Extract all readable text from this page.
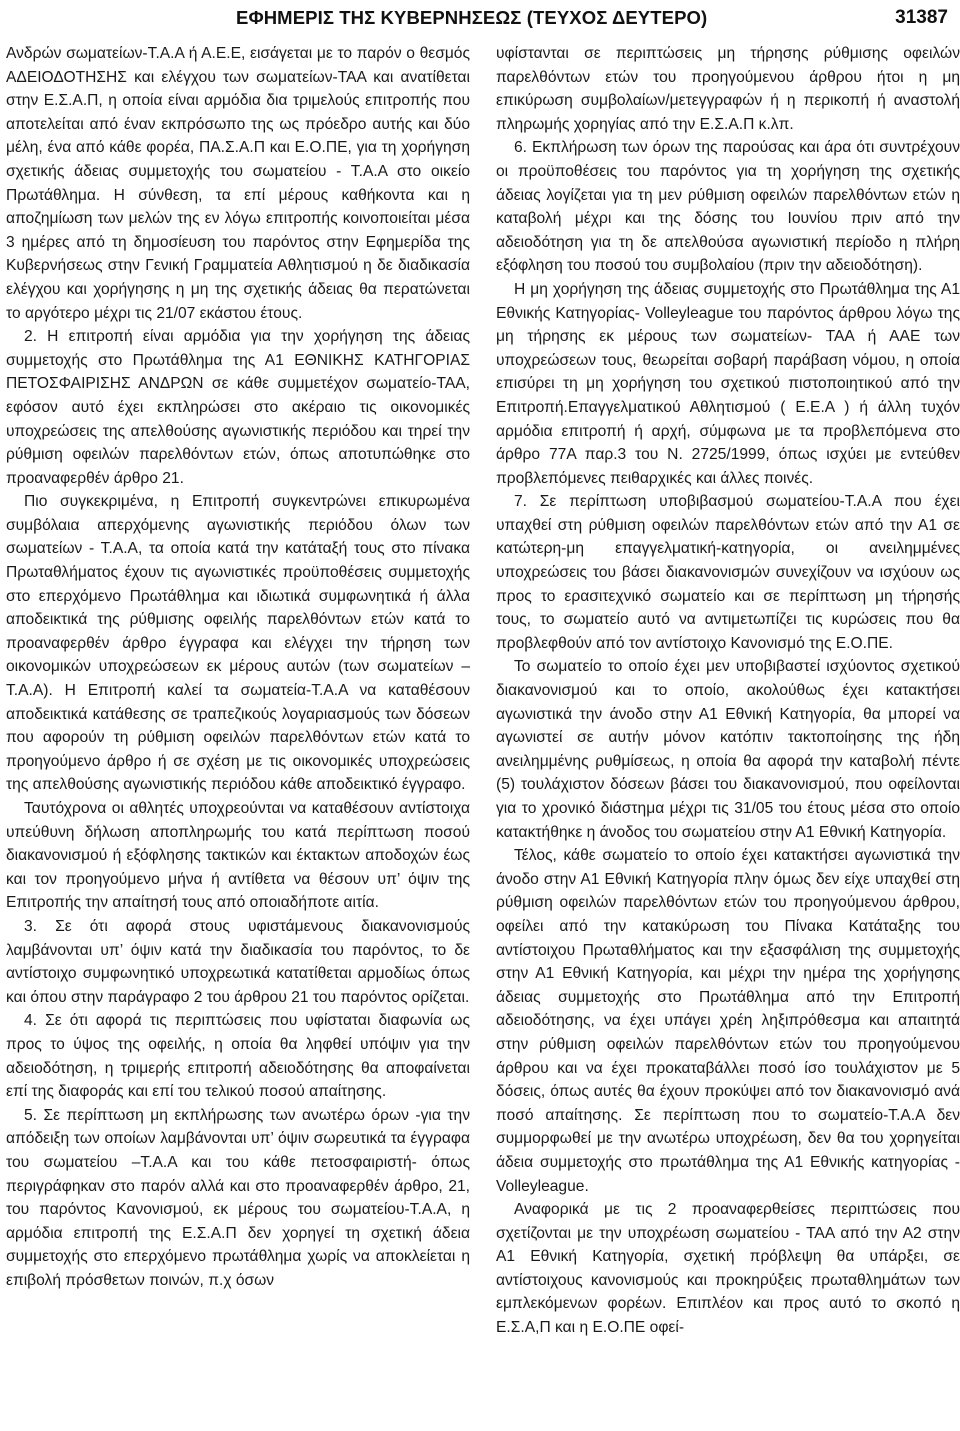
ΕΦΗΜΕΡΙΣ ΤΗΣ ΚΥΒΕΡΝΗΣΕΩΣ (ΤΕΥΧΟΣ ΔΕΥΤΕΡΟ)	31387

Ανδρών σωματείων-Τ.Α.Α ή Α.Ε.Ε, εισάγεται με το παρόν ο θεσμός ΑΔΕΙΟΔΟΤΗΣΗΣ και ελέγχου των σωματείων-ΤΑΑ και ανατίθεται στην Ε.Σ.Α.Π, η οποία είναι αρμόδια δια τριμελούς επιτροπής που αποτελείται από έναν εκπρόσωπο της ως πρόεδρο αυτής και δύο μέλη, ένα από κάθε φορέα, ΠΑ.Σ.Α.Π και Ε.Ο.ΠΕ, για τη χορήγηση σχετικής άδειας συμμετοχής του σωματείου - Τ.Α.Α στο οικείο Πρωτάθλημα. Η σύνθεση, τα επί μέρους καθήκοντα και η αποζημίωση των μελών της εν λόγω επιτροπής κοινοποιείται μέσα 3 ημέρες από τη δημοσίευση του παρόντος στην Εφημερίδα της Κυβερνήσεως στην Γενική Γραμματεία Αθλητισμού η δε διαδικασία ελέγχου και χορήγησης η μη της σχετικής άδειας θα περατώνεται το αργότερο μέχρι τις 21/07 εκάστου έτους.

2. Η επιτροπή είναι αρμόδια για την χορήγηση της άδειας συμμετοχής στο Πρωτάθλημα της Α1 ΕΘΝΙΚΗΣ ΚΑΤΗΓΟΡΙΑΣ ΠΕΤΟΣΦΑΙΡΙΣΗΣ ΑΝΔΡΩΝ σε κάθε συμμετέχον σωματείο-ΤΑΑ, εφόσον αυτό έχει εκπληρώσει στο ακέραιο τις οικονομικές υποχρεώσεις της απελθούσης αγωνιστικής περιόδου και τηρεί την ρύθμιση οφειλών παρελθόντων ετών, όπως αποτυπώθηκε στο προαναφερθέν άρθρο 21.

Πιο συγκεκριμένα, η Επιτροπή συγκεντρώνει επικυρωμένα συμβόλαια απερχόμενης αγωνιστικής περιόδου όλων των σωματείων - Τ.Α.Α, τα οποία κατά την κατάταξή τους στο πίνακα Πρωταθλήματος έχουν τις αγωνιστικές προϋποθέσεις συμμετοχής στο επερχόμενο Πρωτάθλημα και ιδιωτικά συμφωνητικά ή άλλα αποδεικτικά της ρύθμισης οφειλής παρελθόντων ετών κατά το προαναφερθέν άρθρο έγγραφα και ελέγχει την τήρηση των οικονομικών υποχρεώσεων εκ μέρους αυτών (των σωματείων –Τ.Α.Α). Η Επιτροπή καλεί τα σωματεία-Τ.Α.Α να καταθέσουν αποδεικτικά κατάθεσης σε τραπεζικούς λογαριασμούς των δόσεων που αφορούν τη ρύθμιση οφειλών παρελθόντων ετών κατά το προηγούμενο άρθρο ή σε σχέση με τις οικονομικές υποχρεώσεις της απελθούσης αγωνιστικής περιόδου κάθε αποδεικτικό έγγραφο.

Ταυτόχρονα οι αθλητές υποχρεούνται να καταθέσουν αντίστοιχα υπεύθυνη δήλωση αποπληρωμής του κατά περίπτωση ποσού διακανονισμού ή εξόφλησης τακτικών και έκτακτων αποδοχών έως και τον προηγούμενο μήνα ή αντίθετα να θέσουν υπ’ όψιν της Επιτροπής την απαίτησή τους από οποιαδήποτε αιτία.

3. Σε ότι αφορά στους υφιστάμενους διακανονισμούς λαμβάνονται υπ’ όψιν κατά την διαδικασία του παρόντος, το δε αντίστοιχο συμφωνητικό υποχρεωτικά κατατίθεται αρμοδίως όπως και όπου στην παράγραφο 2 του άρθρου 21 του παρόντος ορίζεται.

4. Σε ότι αφορά τις περιπτώσεις που υφίσταται διαφωνία ως προς το ύψος της οφειλής, η οποία θα ληφθεί υπόψιν για την αδειοδότηση, η τριμερής επιτροπή αδειοδότησης θα αποφαίνεται επί της διαφοράς και επί του τελικού ποσού απαίτησης.

5. Σε περίπτωση μη εκπλήρωσης των ανωτέρω όρων -για την απόδειξη των οποίων λαμβάνονται υπ’ όψιν σωρευτικά τα έγγραφα του σωματείου –Τ.Α.Α και του κάθε πετοσφαιριστή- όπως περιγράφηκαν στο παρόν αλλά και στο προαναφερθέν άρθρο, 21, του παρόντος Κανονισμού, εκ μέρους του σωματείου-Τ.Α.Α, η αρμόδια επιτροπή της Ε.Σ.Α.Π δεν χορηγεί τη σχετική άδεια συμμετοχής στο επερχόμενο πρωτάθλημα χωρίς να αποκλείεται η επιβολή πρόσθετων ποινών, π.χ όσων

υφίστανται σε περιπτώσεις μη τήρησης ρύθμισης οφειλών παρελθόντων ετών του προηγούμενου άρθρου ήτοι η μη επικύρωση συμβολαίων/μετεγγραφών ή η περικοπή ή αναστολή πληρωμής χορηγίας από την Ε.Σ.Α.Π κ.λπ.

6. Εκπλήρωση των όρων της παρούσας και άρα ότι συντρέχουν οι προϋποθέσεις του παρόντος για τη χορήγηση της σχετικής άδειας λογίζεται για τη μεν ρύθμιση οφειλών παρελθόντων ετών η καταβολή μέχρι και της δόσης του Ιουνίου πριν από την αδειοδότηση για τη δε απελθούσα αγωνιστική περίοδο η πλήρη εξόφληση του ποσού του συμβολαίου (πριν την αδειοδότηση).

Η μη χορήγηση της άδειας συμμετοχής στο Πρωτάθλημα της Α1 Εθνικής Κατηγορίας- Volleyleague του παρόντος άρθρου λόγω της μη τήρησης εκ μέρους των σωματείων- ΤΑΑ ή ΑΑΕ των υποχρεώσεων τους, θεωρείται σοβαρή παράβαση νόμου, η οποία επισύρει τη μη χορήγηση του σχετικού πιστοποιητικού από την Επιτροπή.Επαγγελματικού Αθλητισμού ( Ε.Ε.Α ) ή άλλη τυχόν αρμόδια επιτροπή ή αρχή, σύμφωνα με τα προβλεπόμενα στο άρθρο 77Α παρ.3 του Ν. 2725/1999, όπως ισχύει με εντεύθεν προβλεπόμενες πειθαρχικές και άλλες ποινές.

7. Σε περίπτωση υποβιβασμού σωματείου-Τ.Α.Α που έχει υπαχθεί στη ρύθμιση οφειλών παρελθόντων ετών από την Α1 σε κατώτερη-μη επαγγελματική-κατηγορία, οι ανειλημμένες υποχρεώσεις του βάσει διακανονισμών συνεχίζουν να ισχύουν ως προς το ερασιτεχνικό σωματείο και σε περίπτωση μη τήρησής τους, το σωματείο αυτό να αντιμετωπίζει τις κυρώσεις που θα προβλεφθούν από τον αντίστοιχο Κανονισμό της Ε.Ο.ΠΕ.

Το σωματείο το οποίο έχει μεν υποβιβαστεί ισχύοντος σχετικού διακανονισμού και το οποίο, ακολούθως έχει κατακτήσει αγωνιστικά την άνοδο στην Α1 Εθνική Κατηγορία, θα μπορεί να αγωνιστεί σε αυτήν μόνον κατόπιν τακτοποίησης της ήδη ανειλημμένης ρυθμίσεως, η οποία θα αφορά την καταβολή πέντε (5) τουλάχιστον δόσεων βάσει του διακανονισμού, που οφείλονται για το χρονικό διάστημα μέχρι τις 31/05 του έτους μέσα στο οποίο κατακτήθηκε η άνοδος του σωματείου στην Α1 Εθνική Κατηγορία.

Τέλος, κάθε σωματείο το οποίο έχει κατακτήσει αγωνιστικά την άνοδο στην Α1 Εθνική Κατηγορία πλην όμως δεν είχε υπαχθεί στη ρύθμιση οφειλών παρελθόντων ετών του προηγούμενου άρθρου, οφείλει από την κατακύρωση του Πίνακα Κατάταξης του αντίστοιχου Πρωταθλήματος και την εξασφάλιση της συμμετοχής στην Α1 Εθνική Κατηγορία, και μέχρι την ημέρα της χορήγησης άδειας συμμετοχής στο Πρωτάθλημα από την Επιτροπή αδειοδότησης, να έχει υπάγει χρέη ληξιπρόθεσμα και απαιτητά στην ρύθμιση οφειλών παρελθόντων ετών του προηγούμενου άρθρου και να έχει προκαταβάλλει ποσό ίσο τουλάχιστον με 5 δόσεις, όπως αυτές θα έχουν προκύψει από τον διακανονισμό ανά ποσό απαίτησης. Σε περίπτωση που το σωματείο-Τ.Α.Α δεν συμμορφωθεί με την ανωτέρω υποχρέωση, δεν θα του χορηγείται άδεια συμμετοχής στο πρωτάθλημα της Α1 Εθνικής κατηγορίας - Volleyleague.

Αναφορικά με τις 2 προαναφερθείσες περιπτώσεις που σχετίζονται με την υποχρέωση σωματείου - ΤΑΑ από την Α2 στην Α1 Εθνική Κατηγορία, σχετική πρόβλεψη θα υπάρξει, σε αντίστοιχους κανονισμούς και προκηρύξεις πρωταθλημάτων των εμπλεκόμενων φορέων. Επιπλέον και προς αυτό το σκοπό η Ε.Σ.Α,Π και η Ε.Ο.ΠΕ οφεί-
